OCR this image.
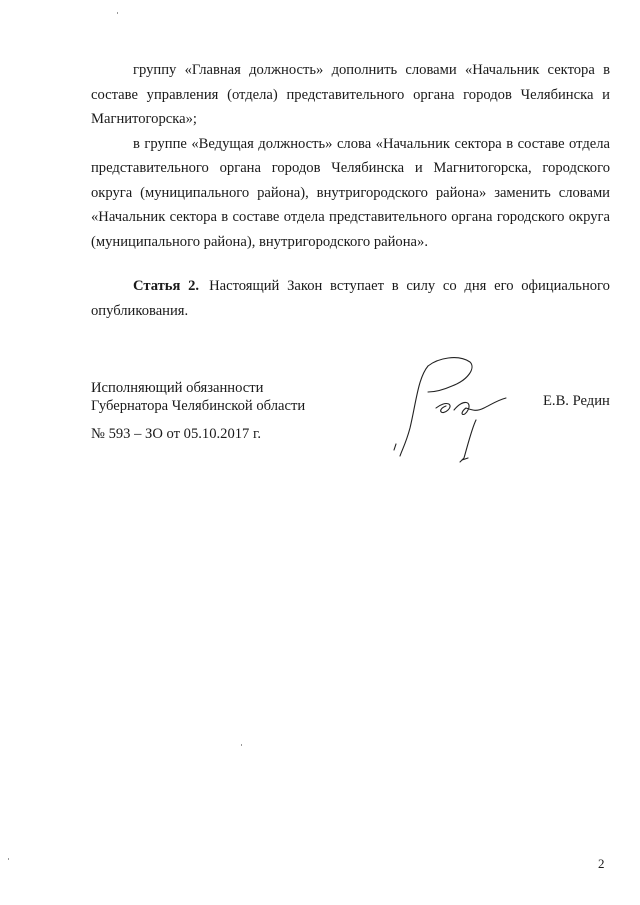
группу «Главная должность» дополнить словами «Начальник сектора в составе управления (отдела) представительного органа городов Челябинска и Магнитогорска»;

в группе «Ведущая должность» слова «Начальник сектора в составе отдела представительного органа городов Челябинска и Магнитогорска, городского округа (муниципального района), внутригородского района» заменить словами «Начальник сектора в составе отдела представительного органа городского округа (муниципального района), внутригородского района».

Статья 2. Настоящий Закон вступает в силу со дня его официального опубликования.

Исполняющий обязанности
Губернатора Челябинской области	Е.В. Редин
№ 593 – ЗО от 05.10.2017 г.
2
